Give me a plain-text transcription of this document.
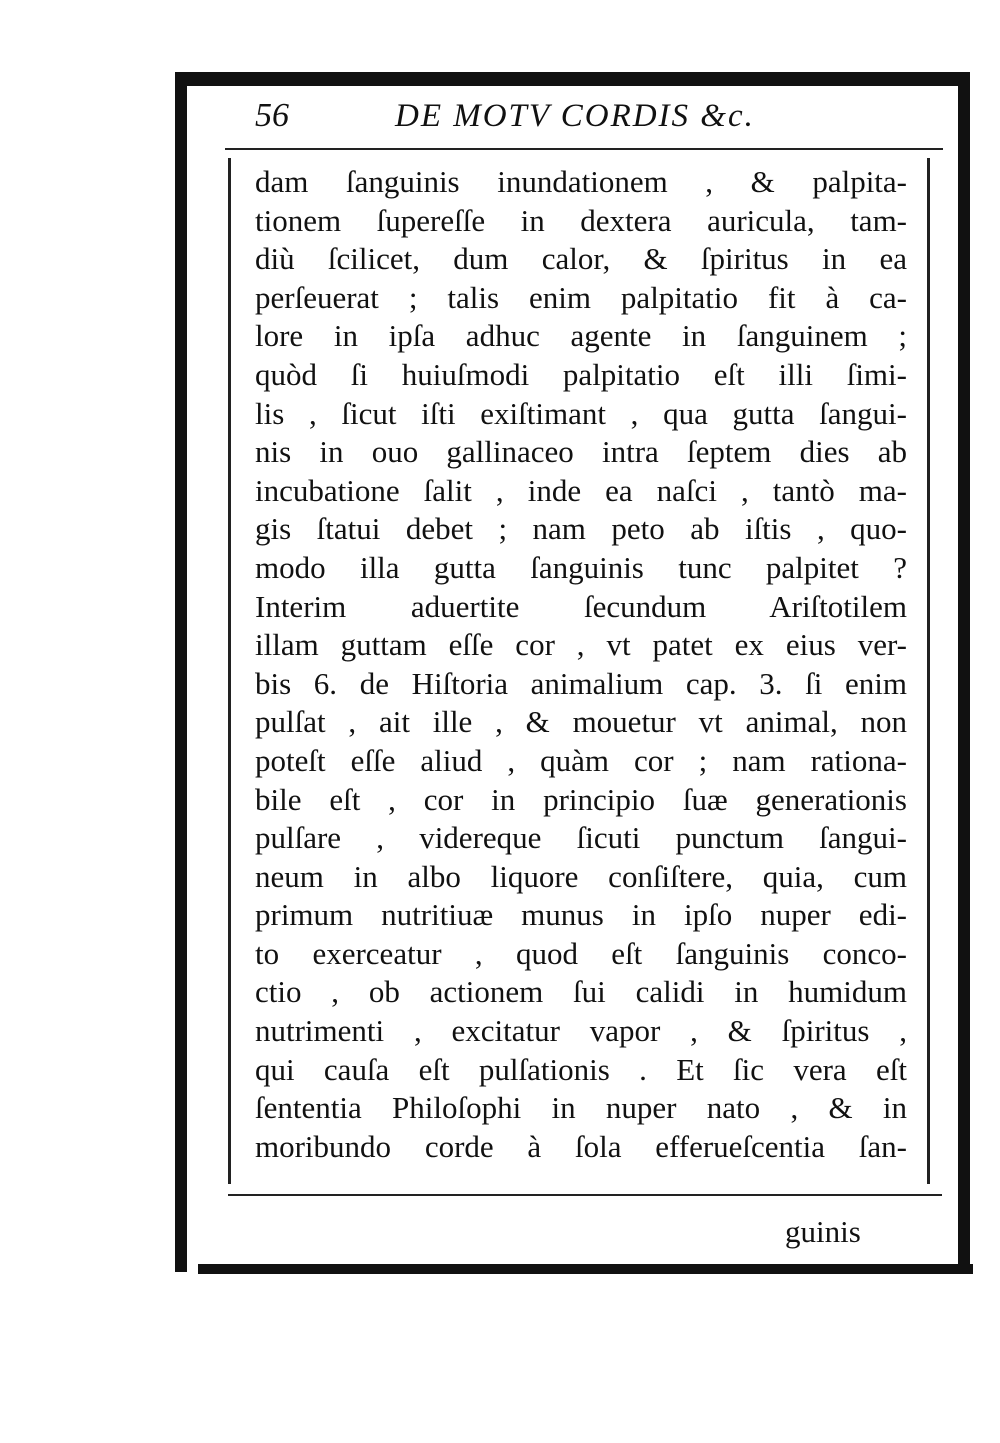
56	DE MOTV CORDIS &c.
dam ſanguinis inundationem , & palpita-
tionem ſupereſſe in dextera auricula, tam-
diù ſcilicet, dum calor, & ſpiritus in ea
perſeuerat ; talis enim palpitatio fit à ca-
lore in ipſa adhuc agente in ſanguinem ;
quòd ſi huiuſmodi palpitatio eſt illi ſimi-
lis , ſicut iſti exiſtimant , qua gutta ſangui-
nis in ouo gallinaceo intra ſeptem dies ab
incubatione ſalit , inde ea naſci , tantò ma-
gis ſtatui debet ; nam peto ab iſtis , quo-
modo illa gutta ſanguinis tunc palpitet ?
Interim aduertite ſecundum Ariſtotilem
illam guttam eſſe cor , vt patet ex eius ver-
bis 6. de Hiſtoria animalium cap. 3. ſi enim
pulſat , ait ille , & mouetur vt animal, non
poteſt eſſe aliud , quàm cor ; nam rationa-
bile eſt , cor in principio ſuæ generationis
pulſare , videreque ſicuti punctum ſangui-
neum in albo liquore conſiſtere, quia, cum
primum nutritiuæ munus in ipſo nuper edi-
to exerceatur , quod eſt ſanguinis conco-
ctio , ob actionem ſui calidi in humidum
nutrimenti , excitatur vapor , & ſpiritus ,
qui cauſa eſt pulſationis . Et ſic vera eſt
ſententia Philoſophi in nuper nato , & in
moribundo corde à ſola efferueſcentia ſan-
guinis
